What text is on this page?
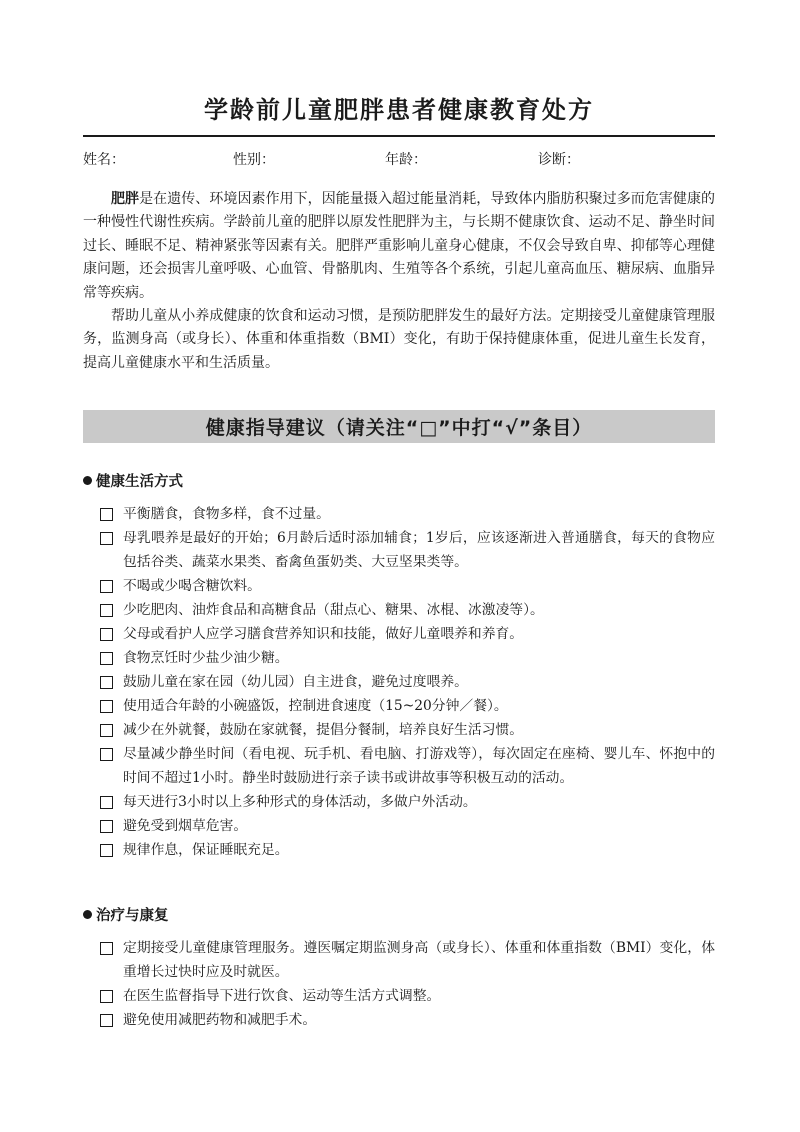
学龄前儿童肥胖患者健康教育处方
姓名：	性别：	年龄：	诊断：

肥胖是在遗传、环境因素作用下，因能量摄入超过能量消耗，导致体内脂肪积聚过多而危害健康的一种慢性代谢性疾病。学龄前儿童的肥胖以原发性肥胖为主，与长期不健康饮食、运动不足、静坐时间过长、睡眠不足、精神紧张等因素有关。肥胖严重影响儿童身心健康，不仅会导致自卑、抑郁等心理健康问题，还会损害儿童呼吸、心血管、骨骼肌肉、生殖等各个系统，引起儿童高血压、糖尿病、血脂异常等疾病。

帮助儿童从小养成健康的饮食和运动习惯，是预防肥胖发生的最好方法。定期接受儿童健康管理服务，监测身高（或身长）、体重和体重指数（BMI）变化，有助于保持健康体重，促进儿童生长发育，提高儿童健康水平和生活质量。

健康指导建议（请关注“□”中打“√”条目）
健康生活方式
平衡膳食，食物多样，食不过量。
母乳喂养是最好的开始；6月龄后适时添加辅食；1岁后，应该逐渐进入普通膳食，每天的食物应包括谷类、蔬菜水果类、畜禽鱼蛋奶类、大豆坚果类等。
不喝或少喝含糖饮料。
少吃肥肉、油炸食品和高糖食品（甜点心、糖果、冰棍、冰激凌等）。
父母或看护人应学习膳食营养知识和技能，做好儿童喂养和养育。
食物烹饪时少盐少油少糖。
鼓励儿童在家在园（幼儿园）自主进食，避免过度喂养。
使用适合年龄的小碗盛饭，控制进食速度（15~20分钟／餐）。
减少在外就餐，鼓励在家就餐，提倡分餐制，培养良好生活习惯。
尽量减少静坐时间（看电视、玩手机、看电脑、打游戏等），每次固定在座椅、婴儿车、怀抱中的时间不超过1小时。静坐时鼓励进行亲子读书或讲故事等积极互动的活动。
每天进行3小时以上多种形式的身体活动，多做户外活动。
避免受到烟草危害。
规律作息，保证睡眠充足。
治疗与康复
定期接受儿童健康管理服务。遵医嘱定期监测身高（或身长）、体重和体重指数（BMI）变化，体重增长过快时应及时就医。
在医生监督指导下进行饮食、运动等生活方式调整。
避免使用减肥药物和减肥手术。
